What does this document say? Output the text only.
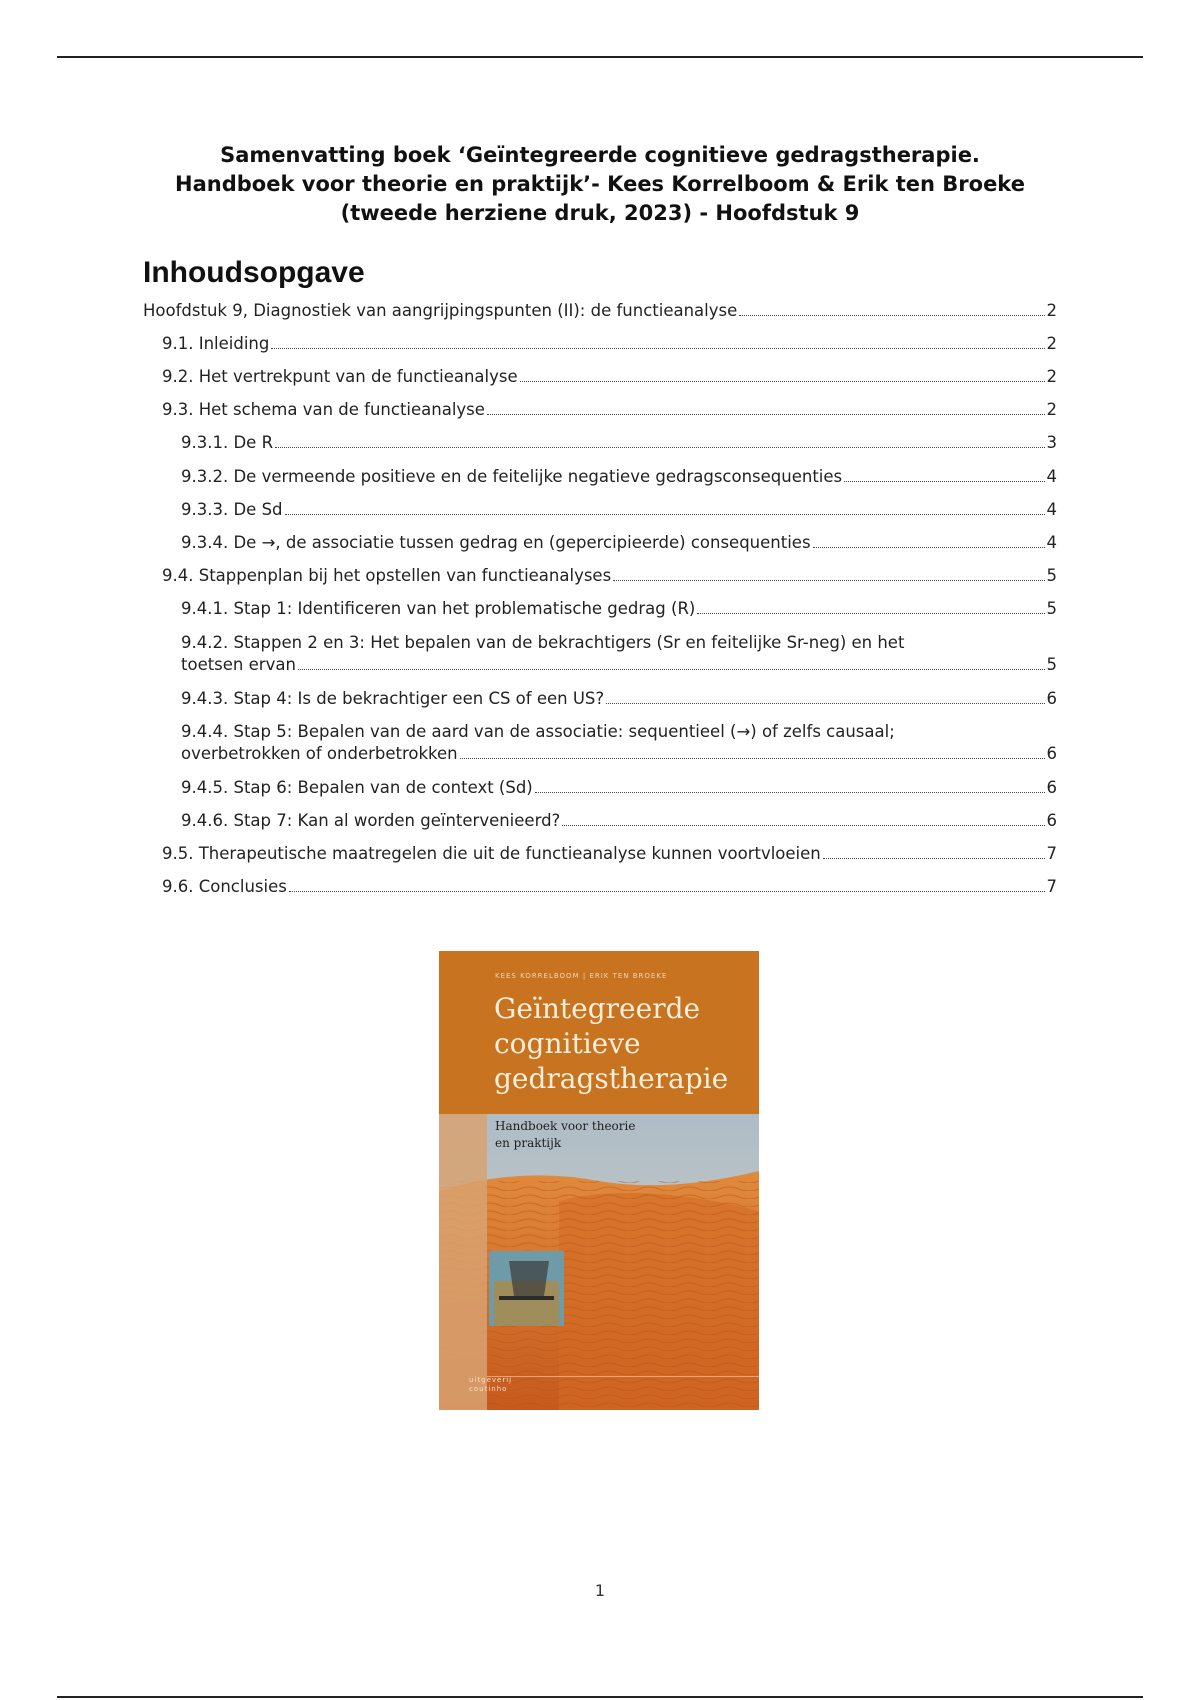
Samenvatting boek ‘Geïntegreerde cognitieve gedragstherapie.
Handboek voor theorie en praktijk’- Kees Korrelboom & Erik ten Broeke
(tweede herziene druk, 2023) - Hoofdstuk 9
Inhoudsopgave
Hoofdstuk 9, Diagnostiek van aangrijpingspunten (II): de functieanalyse	2
9.1. Inleiding	2
9.2. Het vertrekpunt van de functieanalyse	2
9.3. Het schema van de functieanalyse	2
9.3.1. De R	3
9.3.2. De vermeende positieve en de feitelijke negatieve gedragsconsequenties	4
9.3.3. De Sd	4
9.3.4. De →, de associatie tussen gedrag en (gepercipieerde) consequenties	4
9.4. Stappenplan bij het opstellen van functieanalyses	5
9.4.1. Stap 1: Identificeren van het problematische gedrag (R)	5
9.4.2. Stappen 2 en 3: Het bepalen van de bekrachtigers (Sr en feitelijke Sr-neg) en het
toetsen ervan	5
9.4.3. Stap 4: Is de bekrachtiger een CS of een US?	6
9.4.4. Stap 5: Bepalen van de aard van de associatie: sequentieel (→) of zelfs causaal;
overbetrokken of onderbetrokken	6
9.4.5. Stap 6: Bepalen van de context (Sd)	6
9.4.6. Stap 7: Kan al worden geïntervenieerd?	6
9.5. Therapeutische maatregelen die uit de functieanalyse kunnen voortvloeien	7
9.6. Conclusies	7
KEES KORRELBOOM | ERIK TEN BROEKE
Geïntegreerde
cognitieve
gedragstherapie
Handboek voor theorie
en praktijk
uitgeverij
coutinho
1
